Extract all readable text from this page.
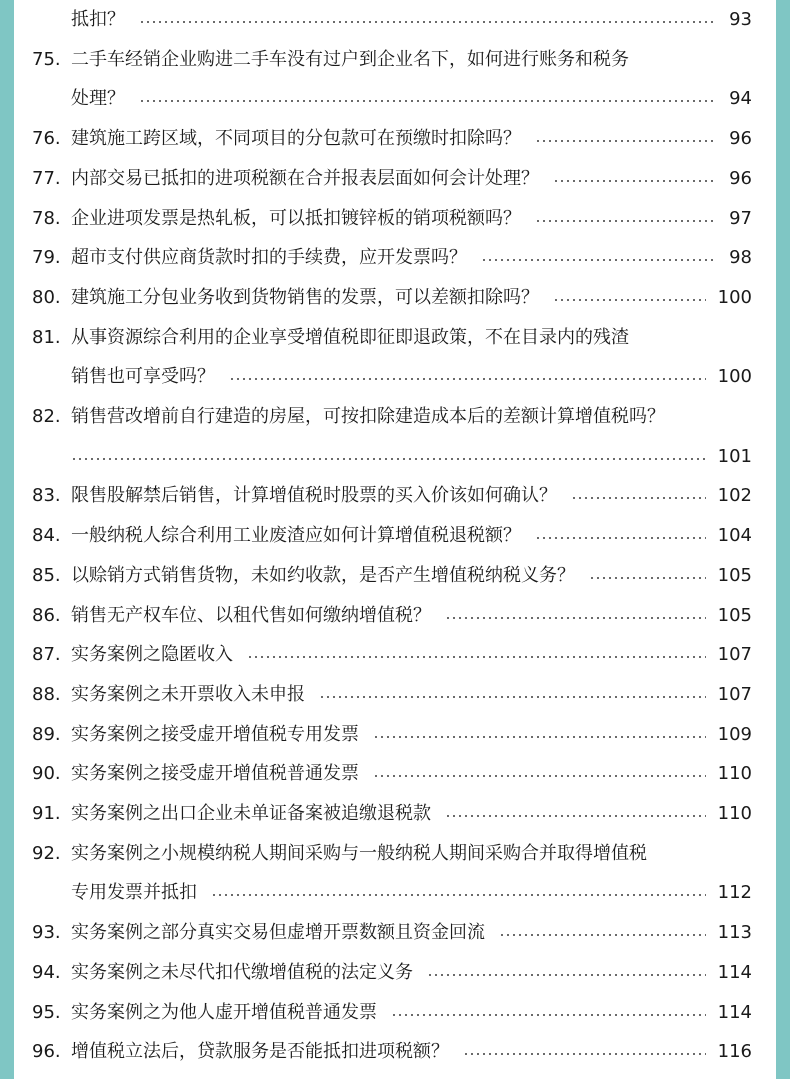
抵扣？	93
75. 二手车经销企业购进二手车没有过户到企业名下，如何进行账务和税务
处理？	94
76. 建筑施工跨区域，不同项目的分包款可在预缴时扣除吗？	96
77. 内部交易已抵扣的进项税额在合并报表层面如何会计处理？	96
78. 企业进项发票是热轧板，可以抵扣镀锌板的销项税额吗？	97
79. 超市支付供应商货款时扣的手续费，应开发票吗？	98
80. 建筑施工分包业务收到货物销售的发票，可以差额扣除吗？	100
81. 从事资源综合利用的企业享受增值税即征即退政策，不在目录内的残渣
销售也可享受吗？	100
82. 销售营改增前自行建造的房屋，可按扣除建造成本后的差额计算增值税吗？
101
83. 限售股解禁后销售，计算增值税时股票的买入价该如何确认？	102
84. 一般纳税人综合利用工业废渣应如何计算增值税退税额？	104
85. 以赊销方式销售货物，未如约收款，是否产生增值税纳税义务？	105
86. 销售无产权车位、以租代售如何缴纳增值税？	105
87. 实务案例之隐匿收入	107
88. 实务案例之未开票收入未申报	107
89. 实务案例之接受虚开增值税专用发票	109
90. 实务案例之接受虚开增值税普通发票	110
91. 实务案例之出口企业未单证备案被追缴退税款	110
92. 实务案例之小规模纳税人期间采购与一般纳税人期间采购合并取得增值税
专用发票并抵扣	112
93. 实务案例之部分真实交易但虚增开票数额且资金回流	113
94. 实务案例之未尽代扣代缴增值税的法定义务	114
95. 实务案例之为他人虚开增值税普通发票	114
96. 增值税立法后，贷款服务是否能抵扣进项税额？	116
